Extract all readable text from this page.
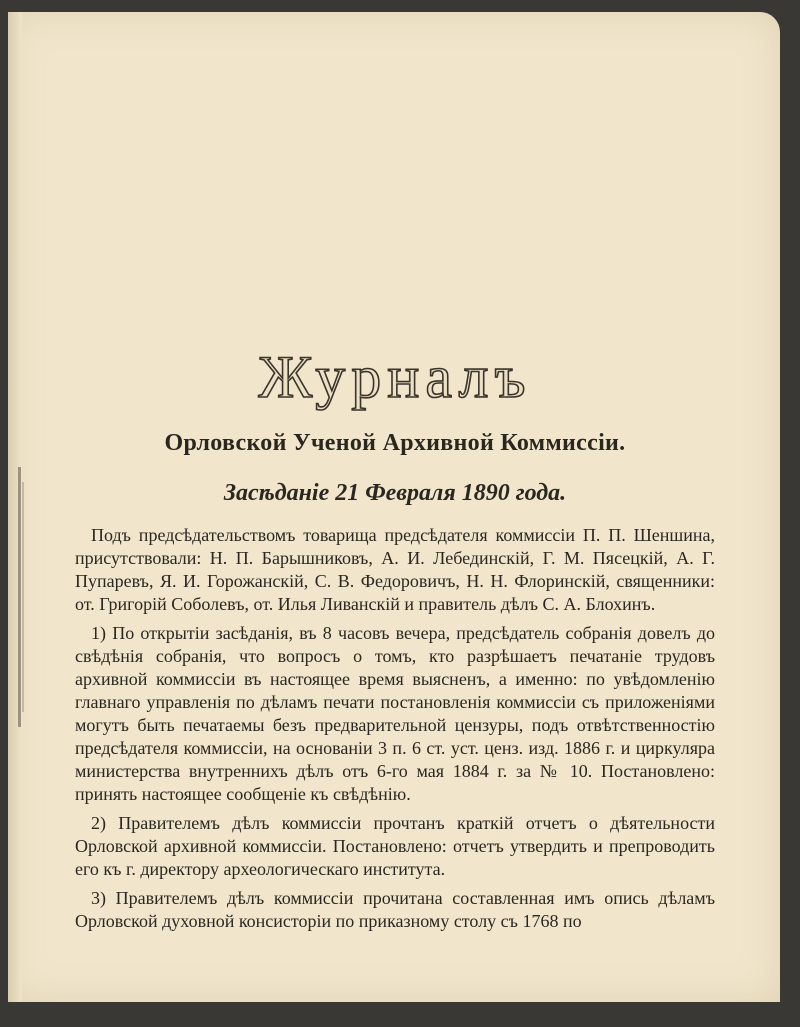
Журналъ
Орловской Ученой Архивной Коммиссіи.
Засѣданіе 21 Февраля 1890 года.

Подъ предсѣдательствомъ товарища предсѣдателя коммиссіи П. П. Шеншина, присутствовали: Н. П. Барышниковъ, А. И. Лебединскій, Г. М. Пясецкій, А. Г. Пупаревъ, Я. И. Горожанскій, С. В. Федоровичъ, Н. Н. Флоринскій, священники: от. Григорій Соболевъ, от. Илья Ливанскій и правитель дѣлъ С. А. Блохинъ.

1) По открытіи засѣданія, въ 8 часовъ вечера, предсѣдатель собранія довелъ до свѣдѣнія собранія, что вопросъ о томъ, кто разрѣшаетъ печатаніе трудовъ архивной коммиссіи въ настоящее время выясненъ, а именно: по увѣдомленію главнаго управленія по дѣламъ печати постановленія коммиссіи съ приложеніями могутъ быть печатаемы безъ предварительной цензуры, подъ отвѣтственностію предсѣдателя коммиссіи, на основаніи 3 п. 6 ст. уст. ценз. изд. 1886 г. и циркуляра министерства внутреннихъ дѣлъ отъ 6-го мая 1884 г. за № 10. Постановлено: принять настоящее сообщеніе къ свѣдѣнію.

2) Правителемъ дѣлъ коммиссіи прочтанъ краткій отчетъ о дѣятельности Орловской архивной коммиссіи. Постановлено: отчетъ утвердить и препроводить его къ г. директору археологическаго института.

3) Правителемъ дѣлъ коммиссіи прочитана составленная имъ опись дѣламъ Орловской духовной консисторіи по приказному столу съ 1768 по
